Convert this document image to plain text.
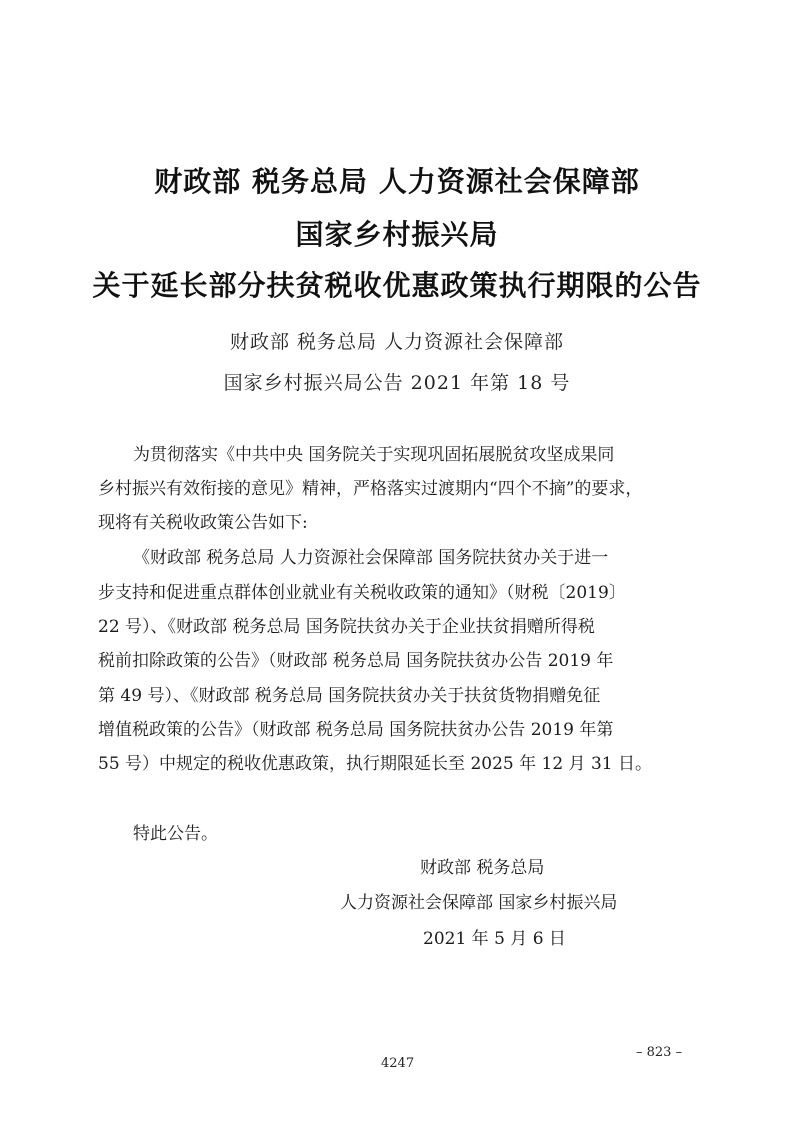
财政部 税务总局 人力资源社会保障部
国家乡村振兴局
关于延长部分扶贫税收优惠政策执行期限的公告
财政部 税务总局 人力资源社会保障部
国家乡村振兴局公告 2021 年第 18 号
为贯彻落实《中共中央 国务院关于实现巩固拓展脱贫攻坚成果同
乡村振兴有效衔接的意见》精神，严格落实过渡期内“四个不摘”的要求，
现将有关税收政策公告如下:
《财政部 税务总局 人力资源社会保障部 国务院扶贫办关于进一
步支持和促进重点群体创业就业有关税收政策的通知》（财税〔2019〕
22 号）、《财政部 税务总局 国务院扶贫办关于企业扶贫捐赠所得税
税前扣除政策的公告》（财政部 税务总局 国务院扶贫办公告 2019 年
第 49 号）、《财政部 税务总局 国务院扶贫办关于扶贫货物捐赠免征
增值税政策的公告》（财政部 税务总局 国务院扶贫办公告 2019 年第
55 号）中规定的税收优惠政策，执行期限延长至 2025 年 12 月 31 日。
特此公告。
财政部 税务总局
人力资源社会保障部 国家乡村振兴局
2021 年 5 月 6 日
– 823 –
4247
